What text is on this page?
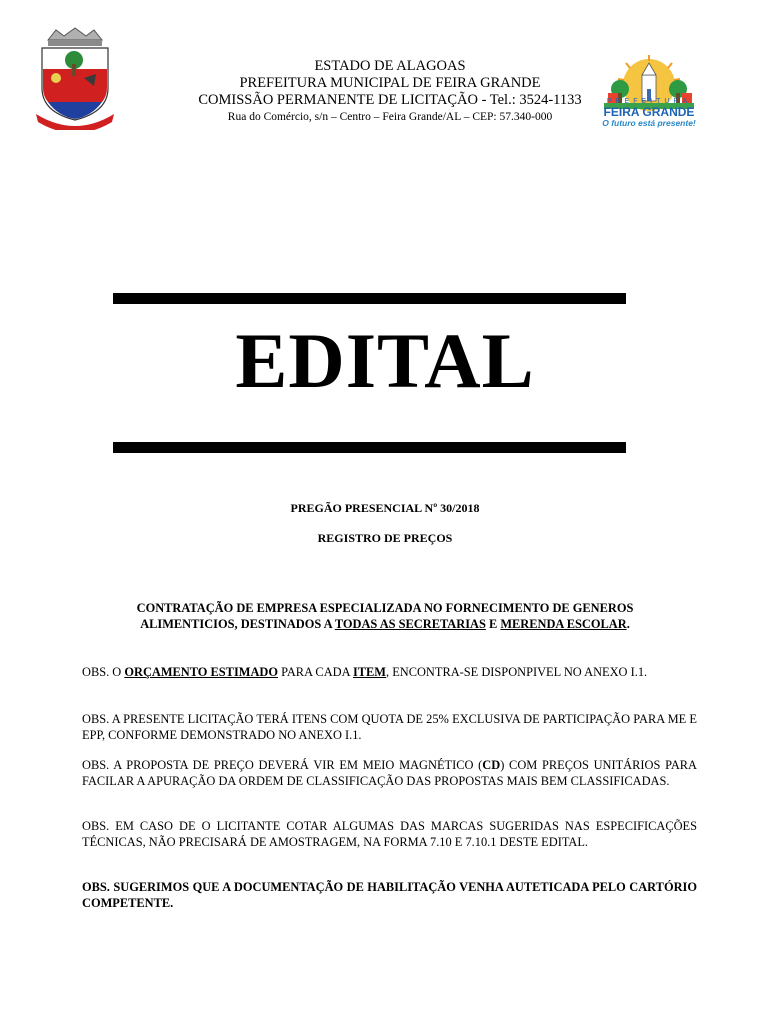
PREFEITURA
FEIRA GRANDE
O futuro está presente!
ESTADO DE ALAGOAS
PREFEITURA MUNICIPAL DE FEIRA GRANDE
COMISSÃO PERMANENTE DE LICITAÇÃO - Tel.: 3524-1133
Rua do Comércio, s/n – Centro – Feira Grande/AL – CEP: 57.340-000
EDITAL
PREGÃO PRESENCIAL Nº 30/2018
REGISTRO DE PREÇOS
CONTRATAÇÃO DE EMPRESA ESPECIALIZADA NO FORNECIMENTO DE GENEROS ALIMENTICIOS, DESTINADOS A TODAS AS SECRETARIAS E MERENDA ESCOLAR.
OBS. O ORÇAMENTO ESTIMADO PARA CADA ITEM, ENCONTRA-SE DISPONPIVEL NO ANEXO I.1.
OBS. A PRESENTE LICITAÇÃO TERÁ ITENS COM QUOTA DE 25% EXCLUSIVA DE PARTICIPAÇÃO PARA ME E EPP, CONFORME DEMONSTRADO NO ANEXO I.1.
OBS. A PROPOSTA DE PREÇO DEVERÁ VIR EM MEIO MAGNÉTICO (CD) COM PREÇOS UNITÁRIOS PARA FACILAR A APURAÇÃO DA ORDEM DE CLASSIFICAÇÃO DAS PROPOSTAS MAIS BEM CLASSIFICADAS.
OBS. EM CASO DE O LICITANTE COTAR ALGUMAS DAS MARCAS SUGERIDAS NAS ESPECIFICAÇÕES TÉCNICAS, NÃO PRECISARÁ DE AMOSTRAGEM, NA FORMA 7.10 E 7.10.1 DESTE EDITAL.
OBS. SUGERIMOS QUE A DOCUMENTAÇÃO DE HABILITAÇÃO VENHA AUTETICADA PELO CARTÓRIO COMPETENTE.
